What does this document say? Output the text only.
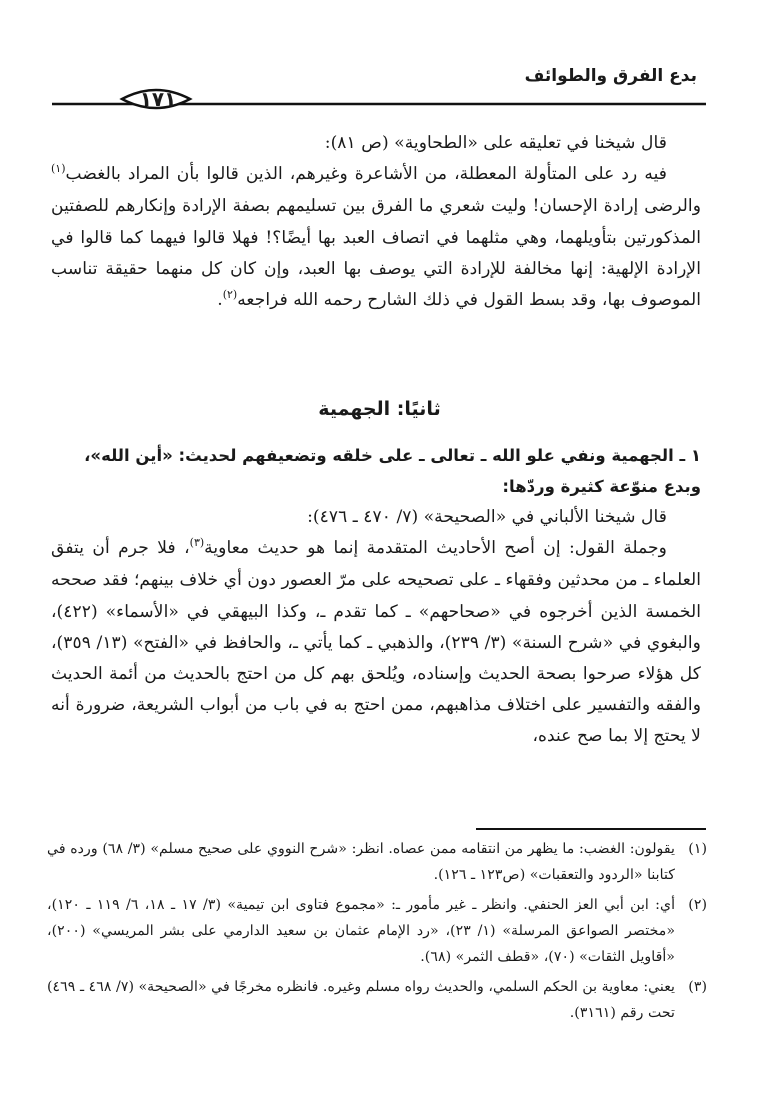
بدع الفرق والطوائف
١٧١

قال شيخنا في تعليقه على «الطحاوية» (ص ٨١):

فيه رد على المتأولة المعطلة، من الأشاعرة وغيرهم، الذين قالوا بأن المراد بالغضب$^{(١)}$ والرضى إرادة الإحسان! وليت شعري ما الفرق بين تسليمهم بصفة الإرادة وإنكارهم للصفتين المذكورتين بتأويلهما، وهي مثلهما في اتصاف العبد بها أيضًا؟! فهلا قالوا فيهما كما قالوا في الإرادة الإلهية: إنها مخالفة للإرادة التي يوصف بها العبد، وإن كان كل منهما حقيقة تناسب الموصوف بها، وقد بسط القول في ذلك الشارح رحمه الله فراجعه$^{(٢)}$.

ثانيًا: الجهمية

١ ـ الجهمية ونفي علو الله ـ تعالى ـ على خلقه وتضعيفهم لحديث: «أين الله»، وبدع منوّعة كثيرة وردّها:

قال شيخنا الألباني في «الصحيحة» (٧/ ٤٧٠ ـ ٤٧٦):

وجملة القول: إن أصح الأحاديث المتقدمة إنما هو حديث معاوية$^{(٣)}$، فلا جرم أن يتفق العلماء ـ من محدثين وفقهاء ـ على تصحيحه على مرّ العصور دون أي خلاف بينهم؛ فقد صححه الخمسة الذين أخرجوه في «صحاحهم» ـ كما تقدم ـ، وكذا البيهقي في «الأسماء» (٤٢٢)، والبغوي في «شرح السنة» (٣/ ٢٣٩)، والذهبي ـ كما يأتي ـ، والحافظ في «الفتح» (١٣/ ٣٥٩)، كل هؤلاء صرحوا بصحة الحديث وإسناده، ويُلحق بهم كل من احتج بالحديث من أئمة الحديث والفقه والتفسير على اختلاف مذاهبهم، ممن احتج به في باب من أبواب الشريعة، ضرورة أنه لا يحتج إلا بما صح عنده،

(١)
يقولون: الغضب: ما يظهر من انتقامه ممن عصاه. انظر: «شرح النووي على صحيح مسلم» (٣/ ٦٨) ورده في كتابنا «الردود والتعقبات» (ص١٢٣ ـ ١٢٦).
(٢)
أي: ابن أبي العز الحنفي. وانظر ـ غير مأمور ـ: «مجموع فتاوى ابن تيمية» (٣/ ١٧ ـ ١٨، ٦/ ١١٩ ـ ١٢٠)، «مختصر الصواعق المرسلة» (١/ ٢٣)، «رد الإمام عثمان بن سعيد الدارمي على بشر المريسي» (٢٠٠)، «أقاويل الثقات» (٧٠)، «قطف الثمر» (٦٨).
(٣)
يعني: معاوية بن الحكم السلمي، والحديث رواه مسلم وغيره. فانظره مخرجًا في «الصحيحة» (٧/ ٤٦٨ ـ ٤٦٩) تحت رقم (٣١٦١).
